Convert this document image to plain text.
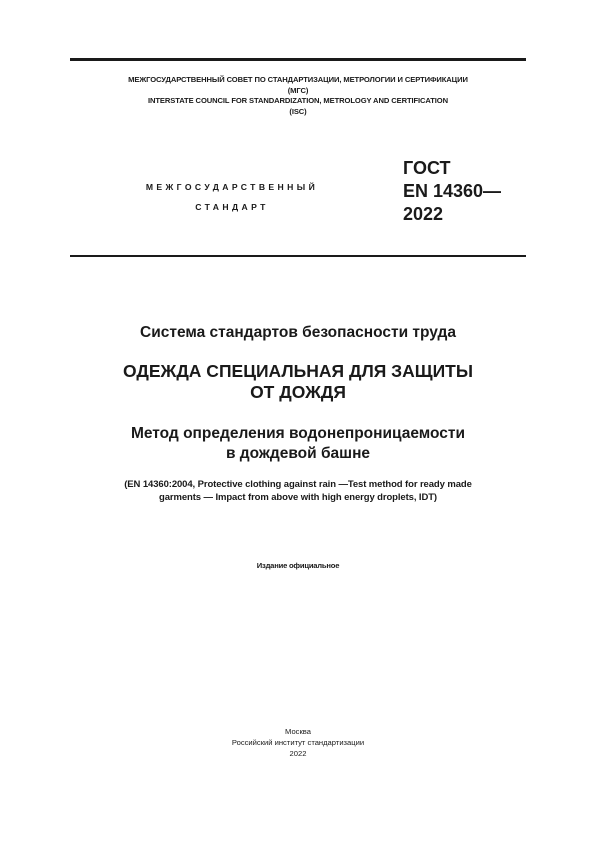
МЕЖГОСУДАРСТВЕННЫЙ СОВЕТ ПО СТАНДАРТИЗАЦИИ, МЕТРОЛОГИИ И СЕРТИФИКАЦИИ
(МГС)
INTERSTATE COUNCIL FOR STANDARDIZATION, METROLOGY AND CERTIFICATION
(ISC)
МЕЖГОСУДАРСТВЕННЫЙ
СТАНДАРТ
ГОСТ
EN 14360—
2022
Система стандартов безопасности труда
ОДЕЖДА СПЕЦИАЛЬНАЯ ДЛЯ ЗАЩИТЫ
ОТ ДОЖДЯ
Метод определения водонепроницаемости
в дождевой башне
(EN 14360:2004, Protective clothing against rain —Test method for ready made
garments — Impact from above with high energy droplets, IDT)
Издание официальное
Москва
Российский институт стандартизации
2022
